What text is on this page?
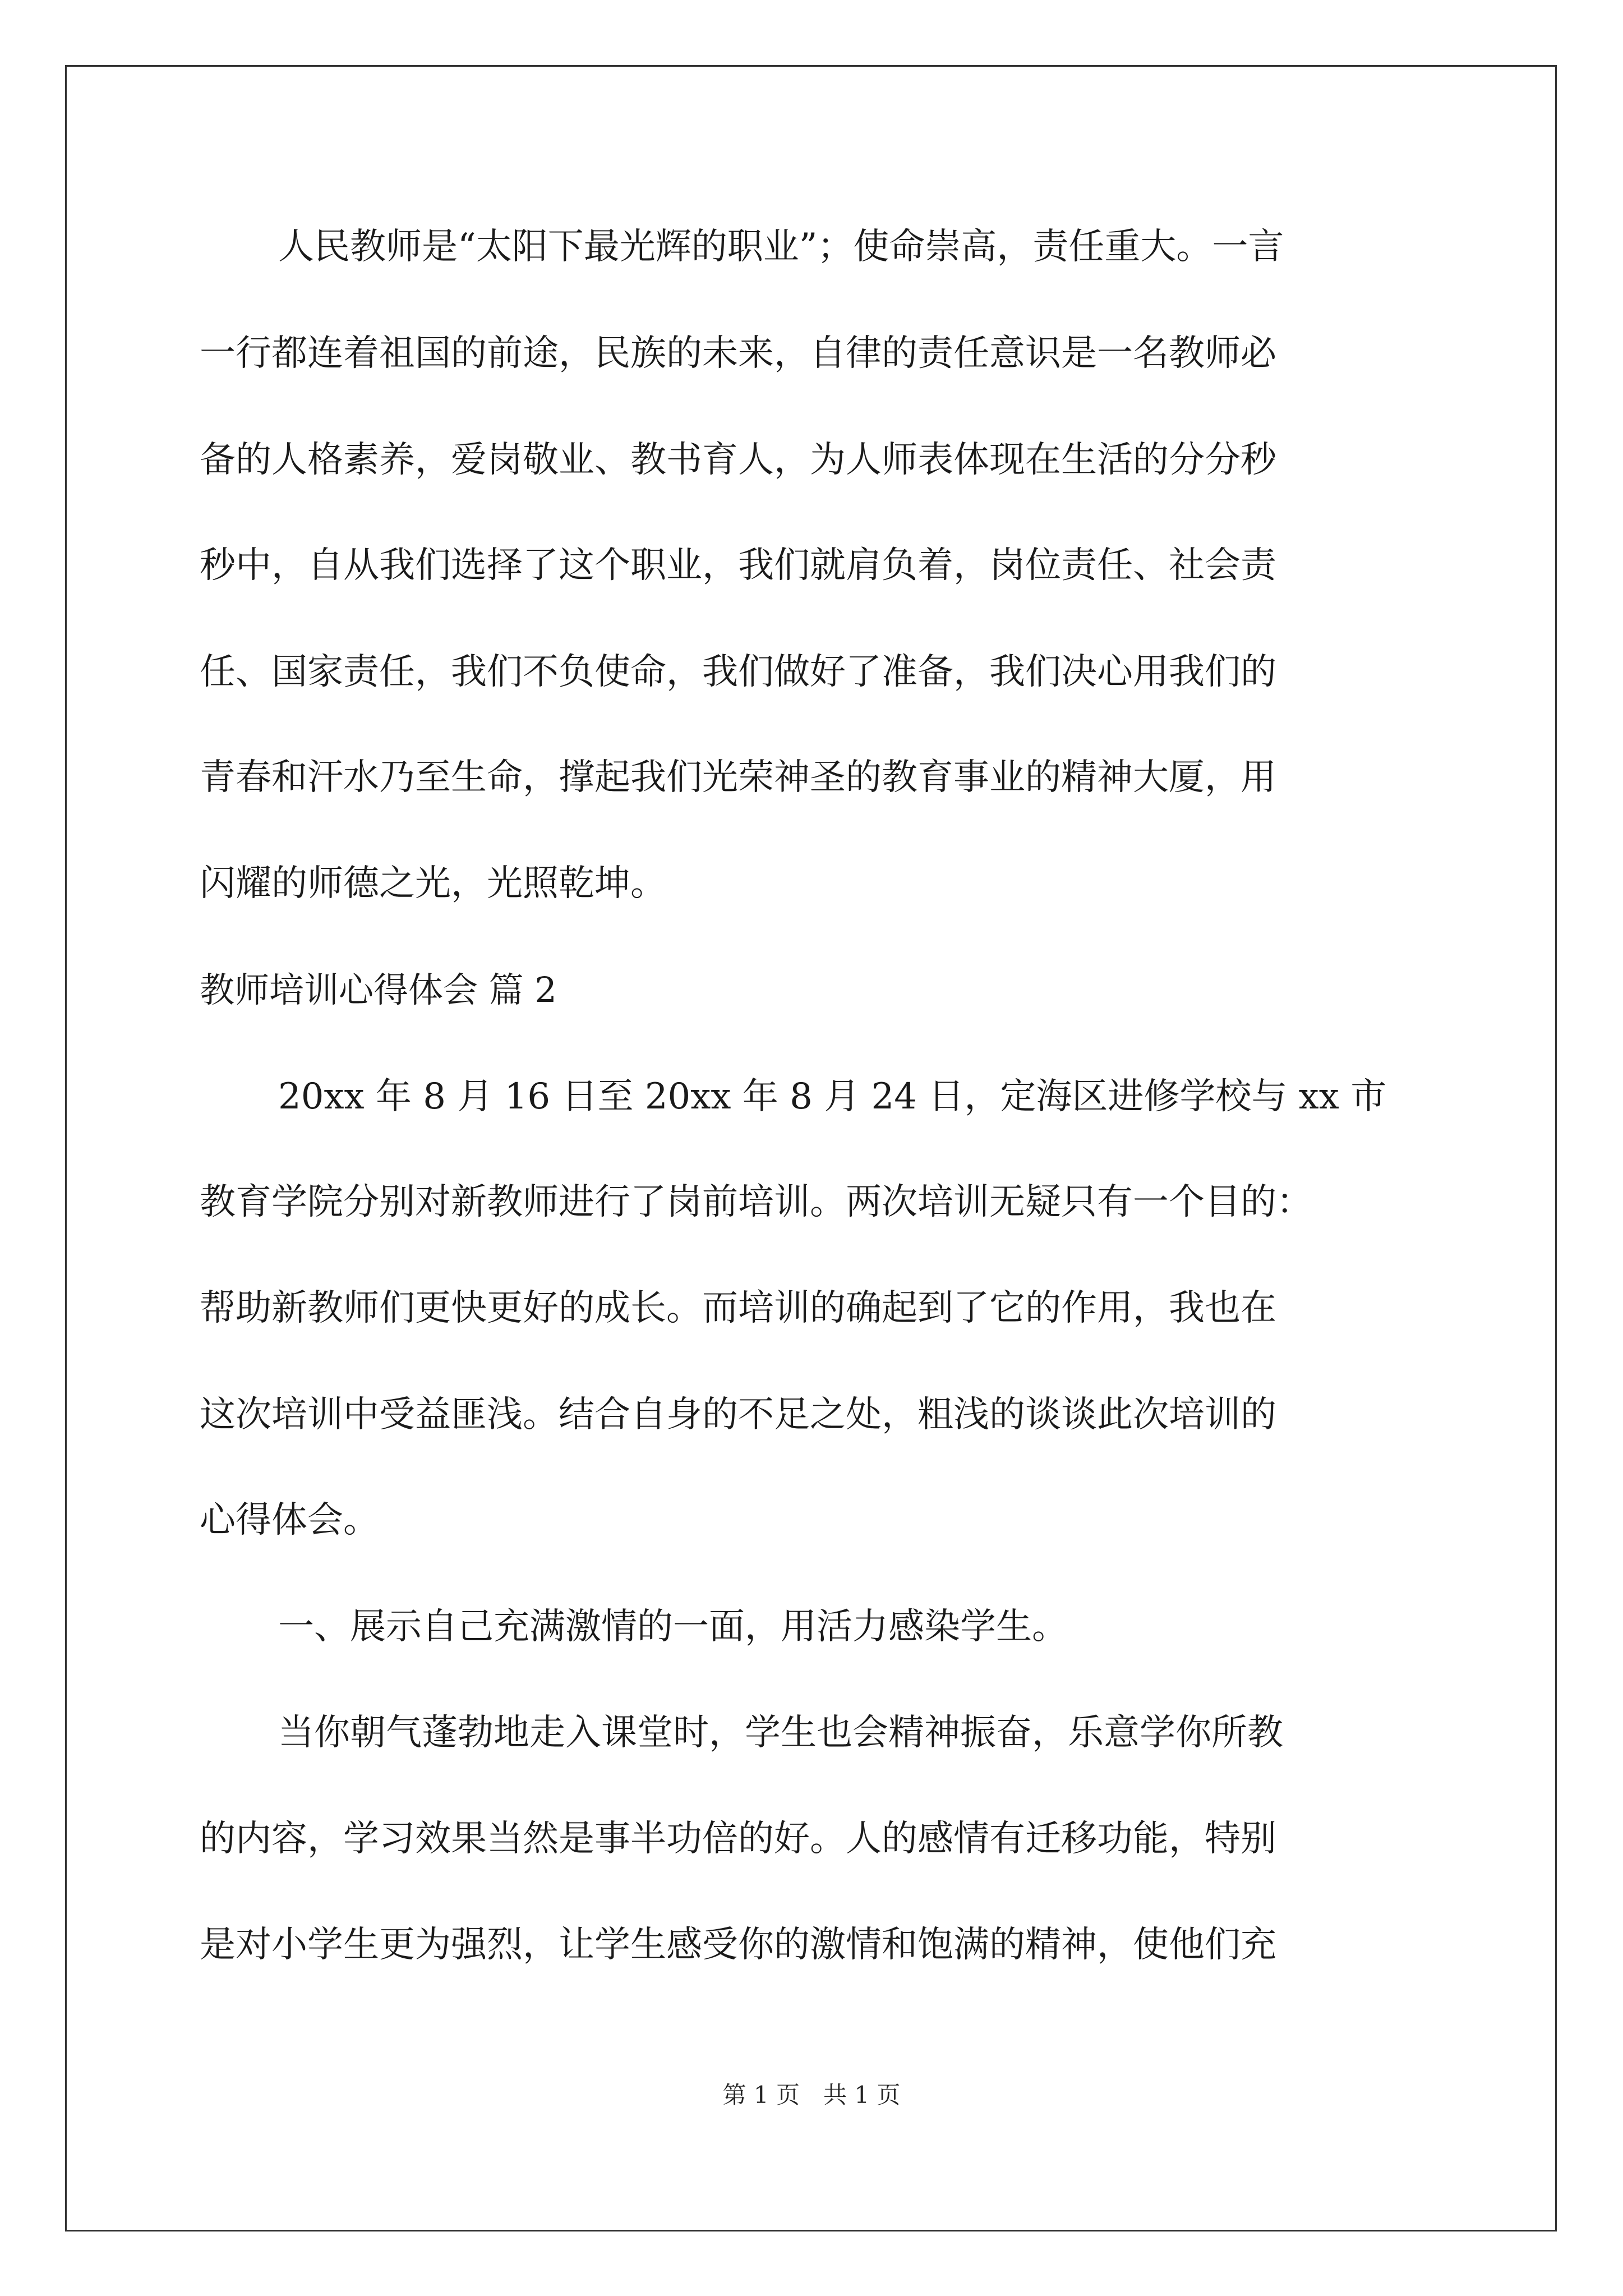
人民教师是“太阳下最光辉的职业”；使命崇高，责任重大。一言
一行都连着祖国的前途，民族的未来，自律的责任意识是一名教师必
备的人格素养，爱岗敬业、教书育人，为人师表体现在生活的分分秒
秒中，自从我们选择了这个职业，我们就肩负着，岗位责任、社会责
任、国家责任，我们不负使命，我们做好了准备，我们决心用我们的
青春和汗水乃至生命，撑起我们光荣神圣的教育事业的精神大厦，用
闪耀的师德之光，光照乾坤。
教师培训心得体会 篇 2
20xx 年 8 月 16 日至 20xx 年 8 月 24 日，定海区进修学校与 xx 市
教育学院分别对新教师进行了岗前培训。两次培训无疑只有一个目的：
帮助新教师们更快更好的成长。而培训的确起到了它的作用，我也在
这次培训中受益匪浅。结合自身的不足之处，粗浅的谈谈此次培训的
心得体会。
一、展示自己充满激情的一面，用活力感染学生。
当你朝气蓬勃地走入课堂时，学生也会精神振奋，乐意学你所教
的内容，学习效果当然是事半功倍的好。人的感情有迁移功能，特别
是对小学生更为强烈，让学生感受你的激情和饱满的精神，使他们充
第 1 页　共 1 页
